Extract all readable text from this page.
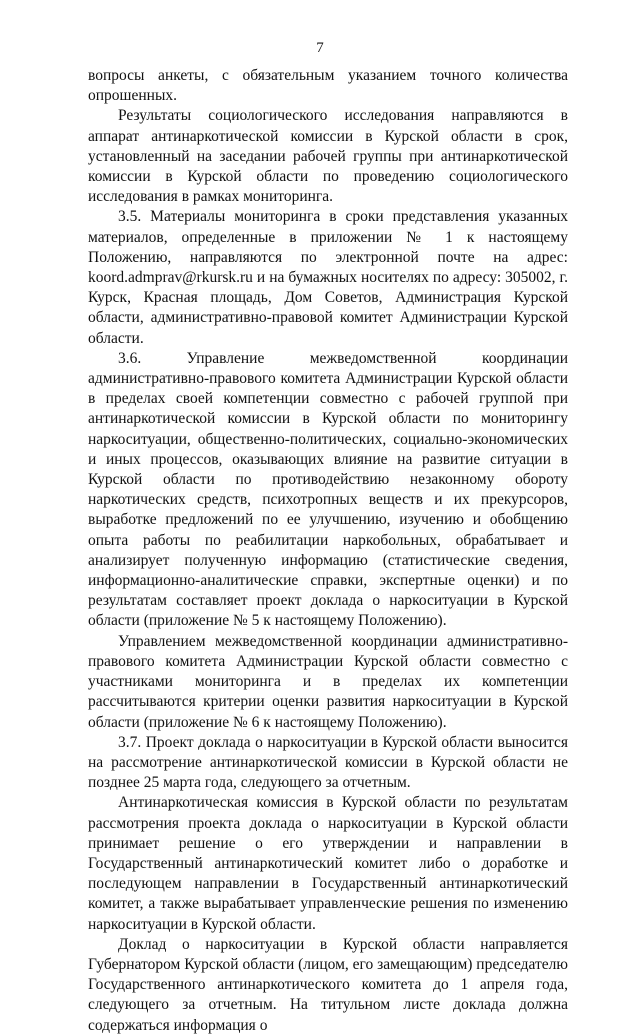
7

вопросы анкеты, с обязательным указанием точного количества опрошенных.

Результаты социологического исследования направляются в аппарат антинаркотической комиссии в Курской области в срок, установленный на заседании рабочей группы при антинаркотической комиссии в Курской области по проведению социологического исследования в рамках мониторинга.

3.5. Материалы мониторинга в сроки представления указанных материалов, определенные в приложении № 1 к настоящему Положению, направляются по электронной почте на адрес: koord.admprav@rkursk.ru и на бумажных носителях по адресу: 305002, г. Курск, Красная площадь, Дом Советов, Администрация Курской области, административно-правовой комитет Администрации Курской области.

3.6. Управление межведомственной координации административно-правового комитета Администрации Курской области в пределах своей компетенции совместно с рабочей группой при антинаркотической комиссии в Курской области по мониторингу наркоситуации, общественно-политических, социально-экономических и иных процессов, оказывающих влияние на развитие ситуации в Курской области по противодействию незаконному обороту наркотических средств, психотропных веществ и их прекурсоров, выработке предложений по ее улучшению, изучению и обобщению опыта работы по реабилитации наркобольных, обрабатывает и анализирует полученную информацию (статистические сведения, информационно-аналитические справки, экспертные оценки) и по результатам составляет проект доклада о наркоситуации в Курской области (приложение № 5 к настоящему Положению).

Управлением межведомственной координации административно-правового комитета Администрации Курской области совместно с участниками мониторинга и в пределах их компетенции рассчитываются критерии оценки развития наркоситуации в Курской области (приложение № 6 к настоящему Положению).

3.7. Проект доклада о наркоситуации в Курской области выносится на рассмотрение антинаркотической комиссии в Курской области не позднее 25 марта года, следующего за отчетным.

Антинаркотическая комиссия в Курской области по результатам рассмотрения проекта доклада о наркоситуации в Курской области принимает решение о его утверждении и направлении в Государственный антинаркотический комитет либо о доработке и последующем направлении в Государственный антинаркотический комитет, а также вырабатывает управленческие решения по изменению наркоситуации в Курской области.

Доклад о наркоситуации в Курской области направляется Губернатором Курской области (лицом, его замещающим) председателю Государственного антинаркотического комитета до 1 апреля года, следующего за отчетным. На титульном листе доклада должна содержаться информация о
